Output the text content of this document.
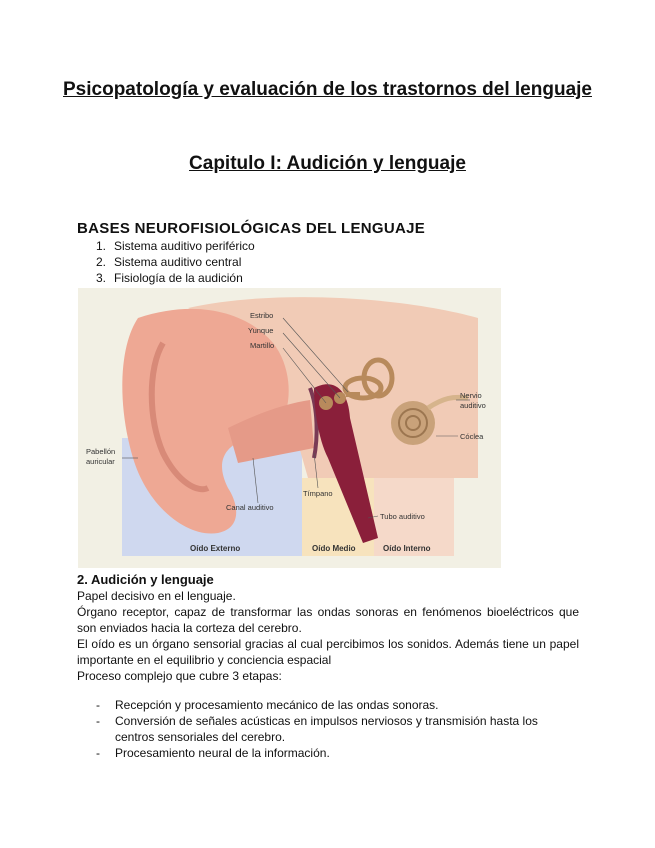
Psicopatología y evaluación de los trastornos del lenguaje
Capitulo I: Audición y lenguaje
BASES NEUROFISIOLÓGICAS DEL LENGUAJE
1. Sistema auditivo periférico
2. Sistema auditivo central
3. Fisiología de la audición
Estribo
Yunque
Martillo
Nervio
auditivo
Cóclea
Pabellón
auricular
Tímpano
Canal auditivo
Tubo auditivo
Oído Externo	Oído Medio	Oído Interno
2. Audición y lenguaje
Papel decisivo en el lenguaje.
Órgano receptor, capaz de transformar las ondas sonoras en fenómenos bioeléctricos que son enviados hacia la corteza del cerebro.
El oído es un órgano sensorial gracias al cual percibimos los sonidos. Además tiene un papel importante en el equilibrio y conciencia espacial
Proceso complejo que cubre 3 etapas:
-	Recepción y procesamiento mecánico de las ondas sonoras.
-	Conversión de señales acústicas en impulsos nerviosos y transmisión hasta los centros sensoriales del cerebro.
-	Procesamiento neural de la información.
